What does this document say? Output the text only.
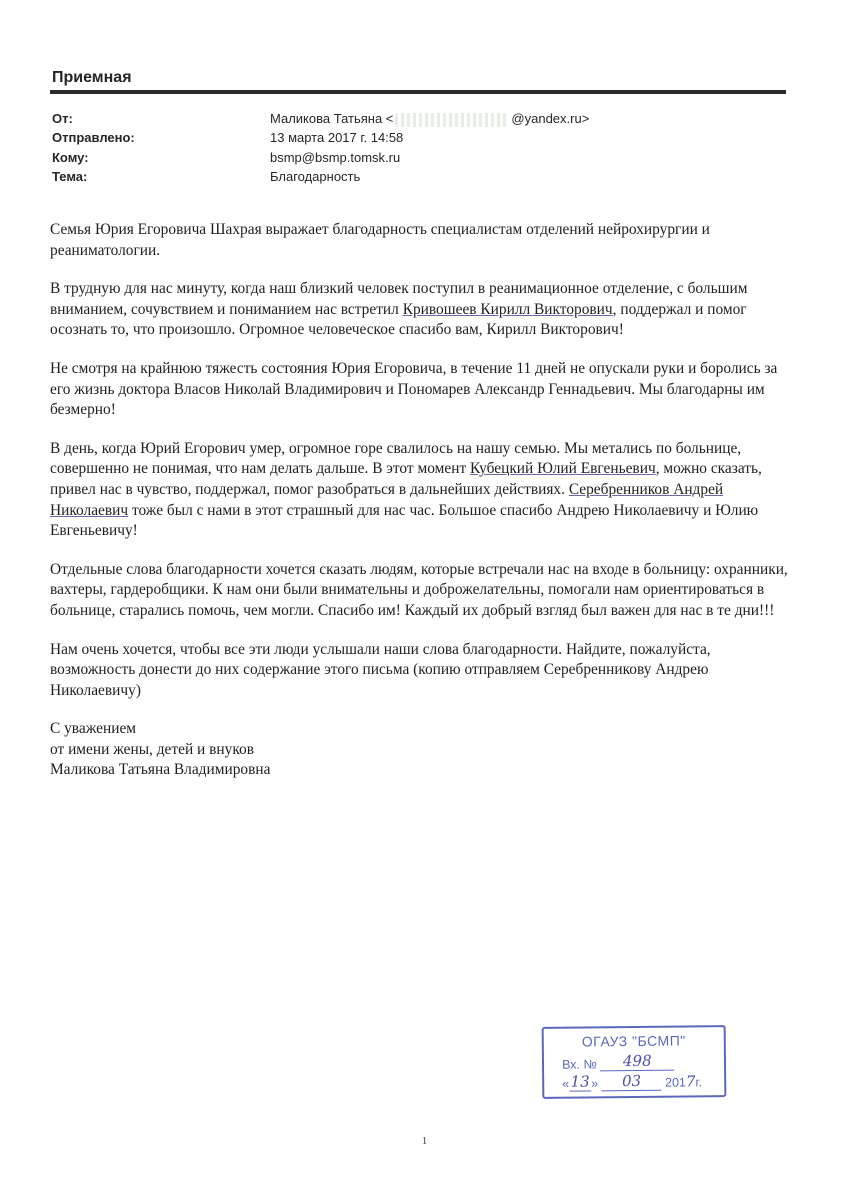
Приемная
От:	Маликова Татьяна <	@yandex.ru>
Отправлено:	13 марта 2017 г. 14:58
Кому:	bsmp@bsmp.tomsk.ru
Тема:	Благодарность

Семья Юрия Егоровича Шахрая выражает благодарность специалистам отделений нейрохирургии и реаниматологии.

В трудную для нас минуту, когда наш близкий человек поступил в реанимационное отделение, с большим вниманием, сочувствием и пониманием нас встретил Кривошеев Кирилл Викторович, поддержал и помог осознать то, что произошло. Огромное человеческое спасибо вам, Кирилл Викторович!

Не смотря на крайнюю тяжесть состояния Юрия Егоровича, в течение 11 дней не опускали руки и боролись за его жизнь доктора Власов Николай Владимирович и Пономарев Александр Геннадьевич. Мы благодарны им безмерно!

В день, когда Юрий Егорович умер, огромное горе свалилось на нашу семью. Мы метались по больнице, совершенно не понимая, что нам делать дальше. В этот момент Кубецкий Юлий Евгеньевич, можно сказать, привел нас в чувство, поддержал, помог разобраться в дальнейших действиях. Серебренников Андрей Николаевич тоже был с нами в этот страшный для нас час. Большое спасибо Андрею Николаевичу и Юлию Евгеньевичу!

Отдельные слова благодарности хочется сказать людям, которые встречали нас на входе в больницу: охранники, вахтеры, гардеробщики. К нам они были внимательны и доброжелательны, помогали нам ориентироваться в больнице, старались помочь, чем могли. Спасибо им! Каждый их добрый взгляд был важен для нас в те дни!!!

Нам очень хочется, чтобы все эти люди услышали наши слова благодарности. Найдите, пожалуйста, возможность донести до них содержание этого письма (копию отправляем Серебренникову Андрею Николаевичу)

С уважением

от имени жены, детей и внуков

Маликова Татьяна Владимировна

ОГАУЗ "БСМП"
Вх. № 498
«13» 03 2017г.
1
